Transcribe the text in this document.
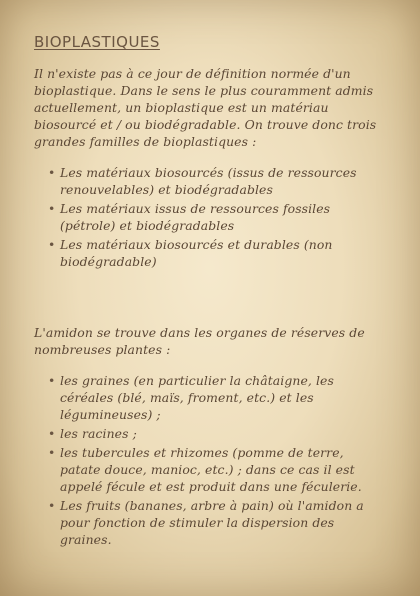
BIOPLASTIQUES

Il n'existe pas à ce jour de définition normée d'un bioplastique. Dans le sens le plus couramment admis actuellement, un bioplastique est un matériau biosourcé et / ou biodégradable. On trouve donc trois grandes familles de bioplastiques :

• Les matériaux biosourcés (issus de ressources renouvelables) et biodégradables
• Les matériaux issus de ressources fossiles (pétrole) et biodégradables
• Les matériaux biosourcés et durables (non biodégradable)

L'amidon se trouve dans les organes de réserves de nombreuses plantes :

• les graines (en particulier la châtaigne, les céréales (blé, maïs, froment, etc.) et les légumineuses) ;
• les racines ;
• les tubercules et rhizomes (pomme de terre, patate douce, manioc, etc.) ; dans ce cas il est appelé fécule et est produit dans une féculerie.
• Les fruits (bananes, arbre à pain) où l'amidon a pour fonction de stimuler la dispersion des graines.
